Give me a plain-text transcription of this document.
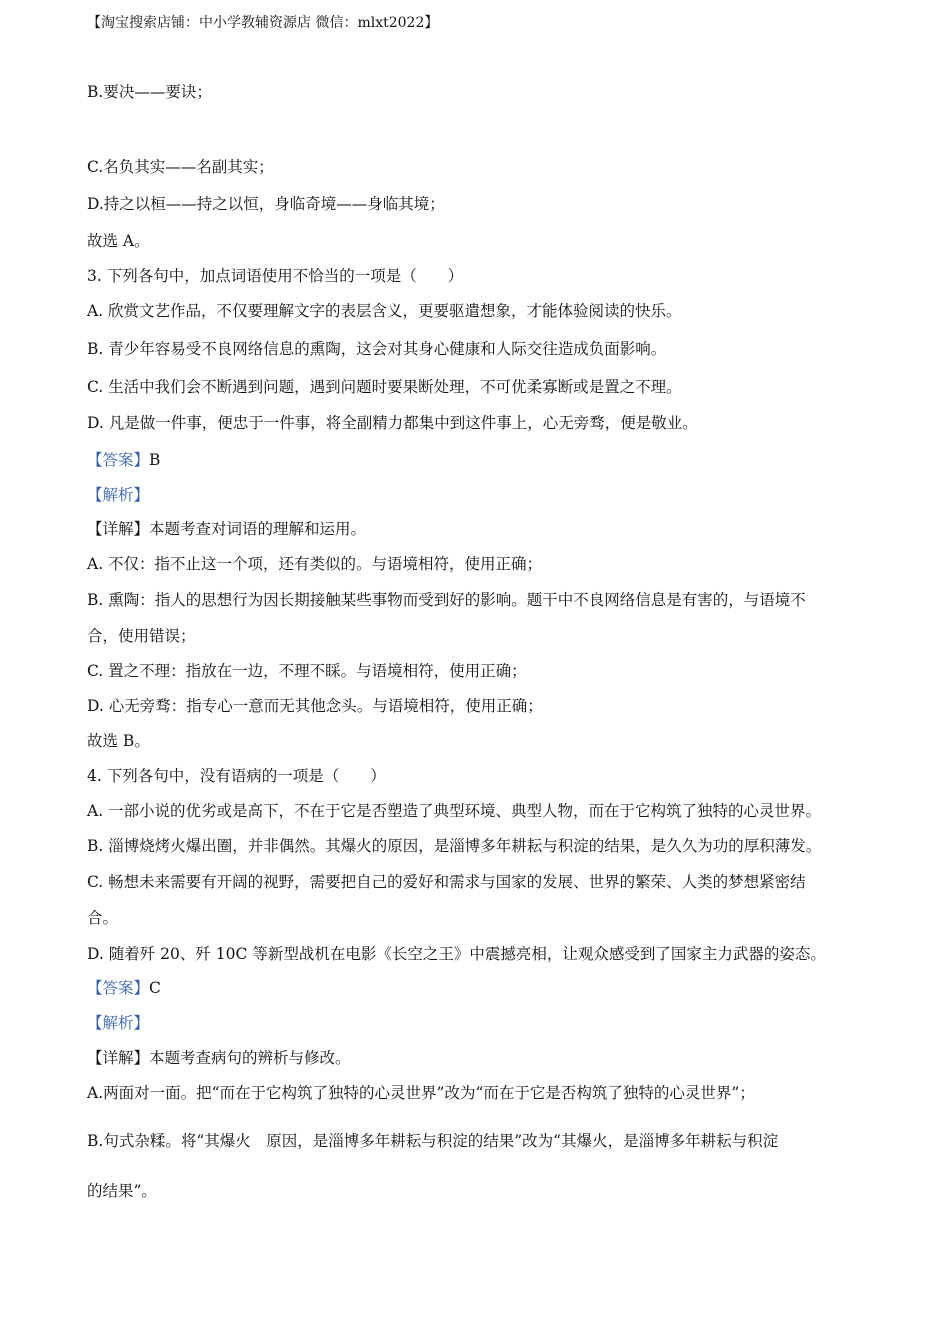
【淘宝搜索店铺：中小学教辅资源店 微信：mlxt2022】
B.要决——要诀；
C.名负其实——名副其实；
D.持之以桓——持之以恒，身临奇境——身临其境；
故选 A。
3. 下列各句中，加点词语使用不恰当的一项是（　　）
A. 欣赏文艺作品，不仅要理解文字的表层含义，更要驱遣想象，才能体验阅读的快乐。
B. 青少年容易受不良网络信息的熏陶，这会对其身心健康和人际交往造成负面影响。
C. 生活中我们会不断遇到问题，遇到问题时要果断处理，不可优柔寡断或是置之不理。
D. 凡是做一件事，便忠于一件事，将全副精力都集中到这件事上，心无旁骛，便是敬业。
【答案】B
【解析】
【详解】本题考查对词语的理解和运用。
A. 不仅：指不止这一个项，还有类似的。与语境相符，使用正确；
B. 熏陶：指人的思想行为因长期接触某些事物而受到好的影响。题干中不良网络信息是有害的，与语境不
合，使用错误；
C. 置之不理：指放在一边，不理不睬。与语境相符，使用正确；
D. 心无旁骛：指专心一意而无其他念头。与语境相符，使用正确；
故选 B。
4. 下列各句中，没有语病的一项是（　　）
A. 一部小说的优劣或是高下，不在于它是否塑造了典型环境、典型人物，而在于它构筑了独特的心灵世界。
B. 淄博烧烤火爆出圈，并非偶然。其爆火的原因，是淄博多年耕耘与积淀的结果，是久久为功的厚积薄发。
C. 畅想未来需要有开阔的视野，需要把自己的爱好和需求与国家的发展、世界的繁荣、人类的梦想紧密结
合。
D. 随着歼 20、歼 10C 等新型战机在电影《长空之王》中震撼亮相，让观众感受到了国家主力武器的姿态。
【答案】C
【解析】
【详解】本题考查病句的辨析与修改。
A.两面对一面。把“而在于它构筑了独特的心灵世界”改为“而在于它是否构筑了独特的心灵世界”；
B.句式杂糅。将“其爆火　原因，是淄博多年耕耘与积淀的结果”改为“其爆火，是淄博多年耕耘与积淀
的结果”。
